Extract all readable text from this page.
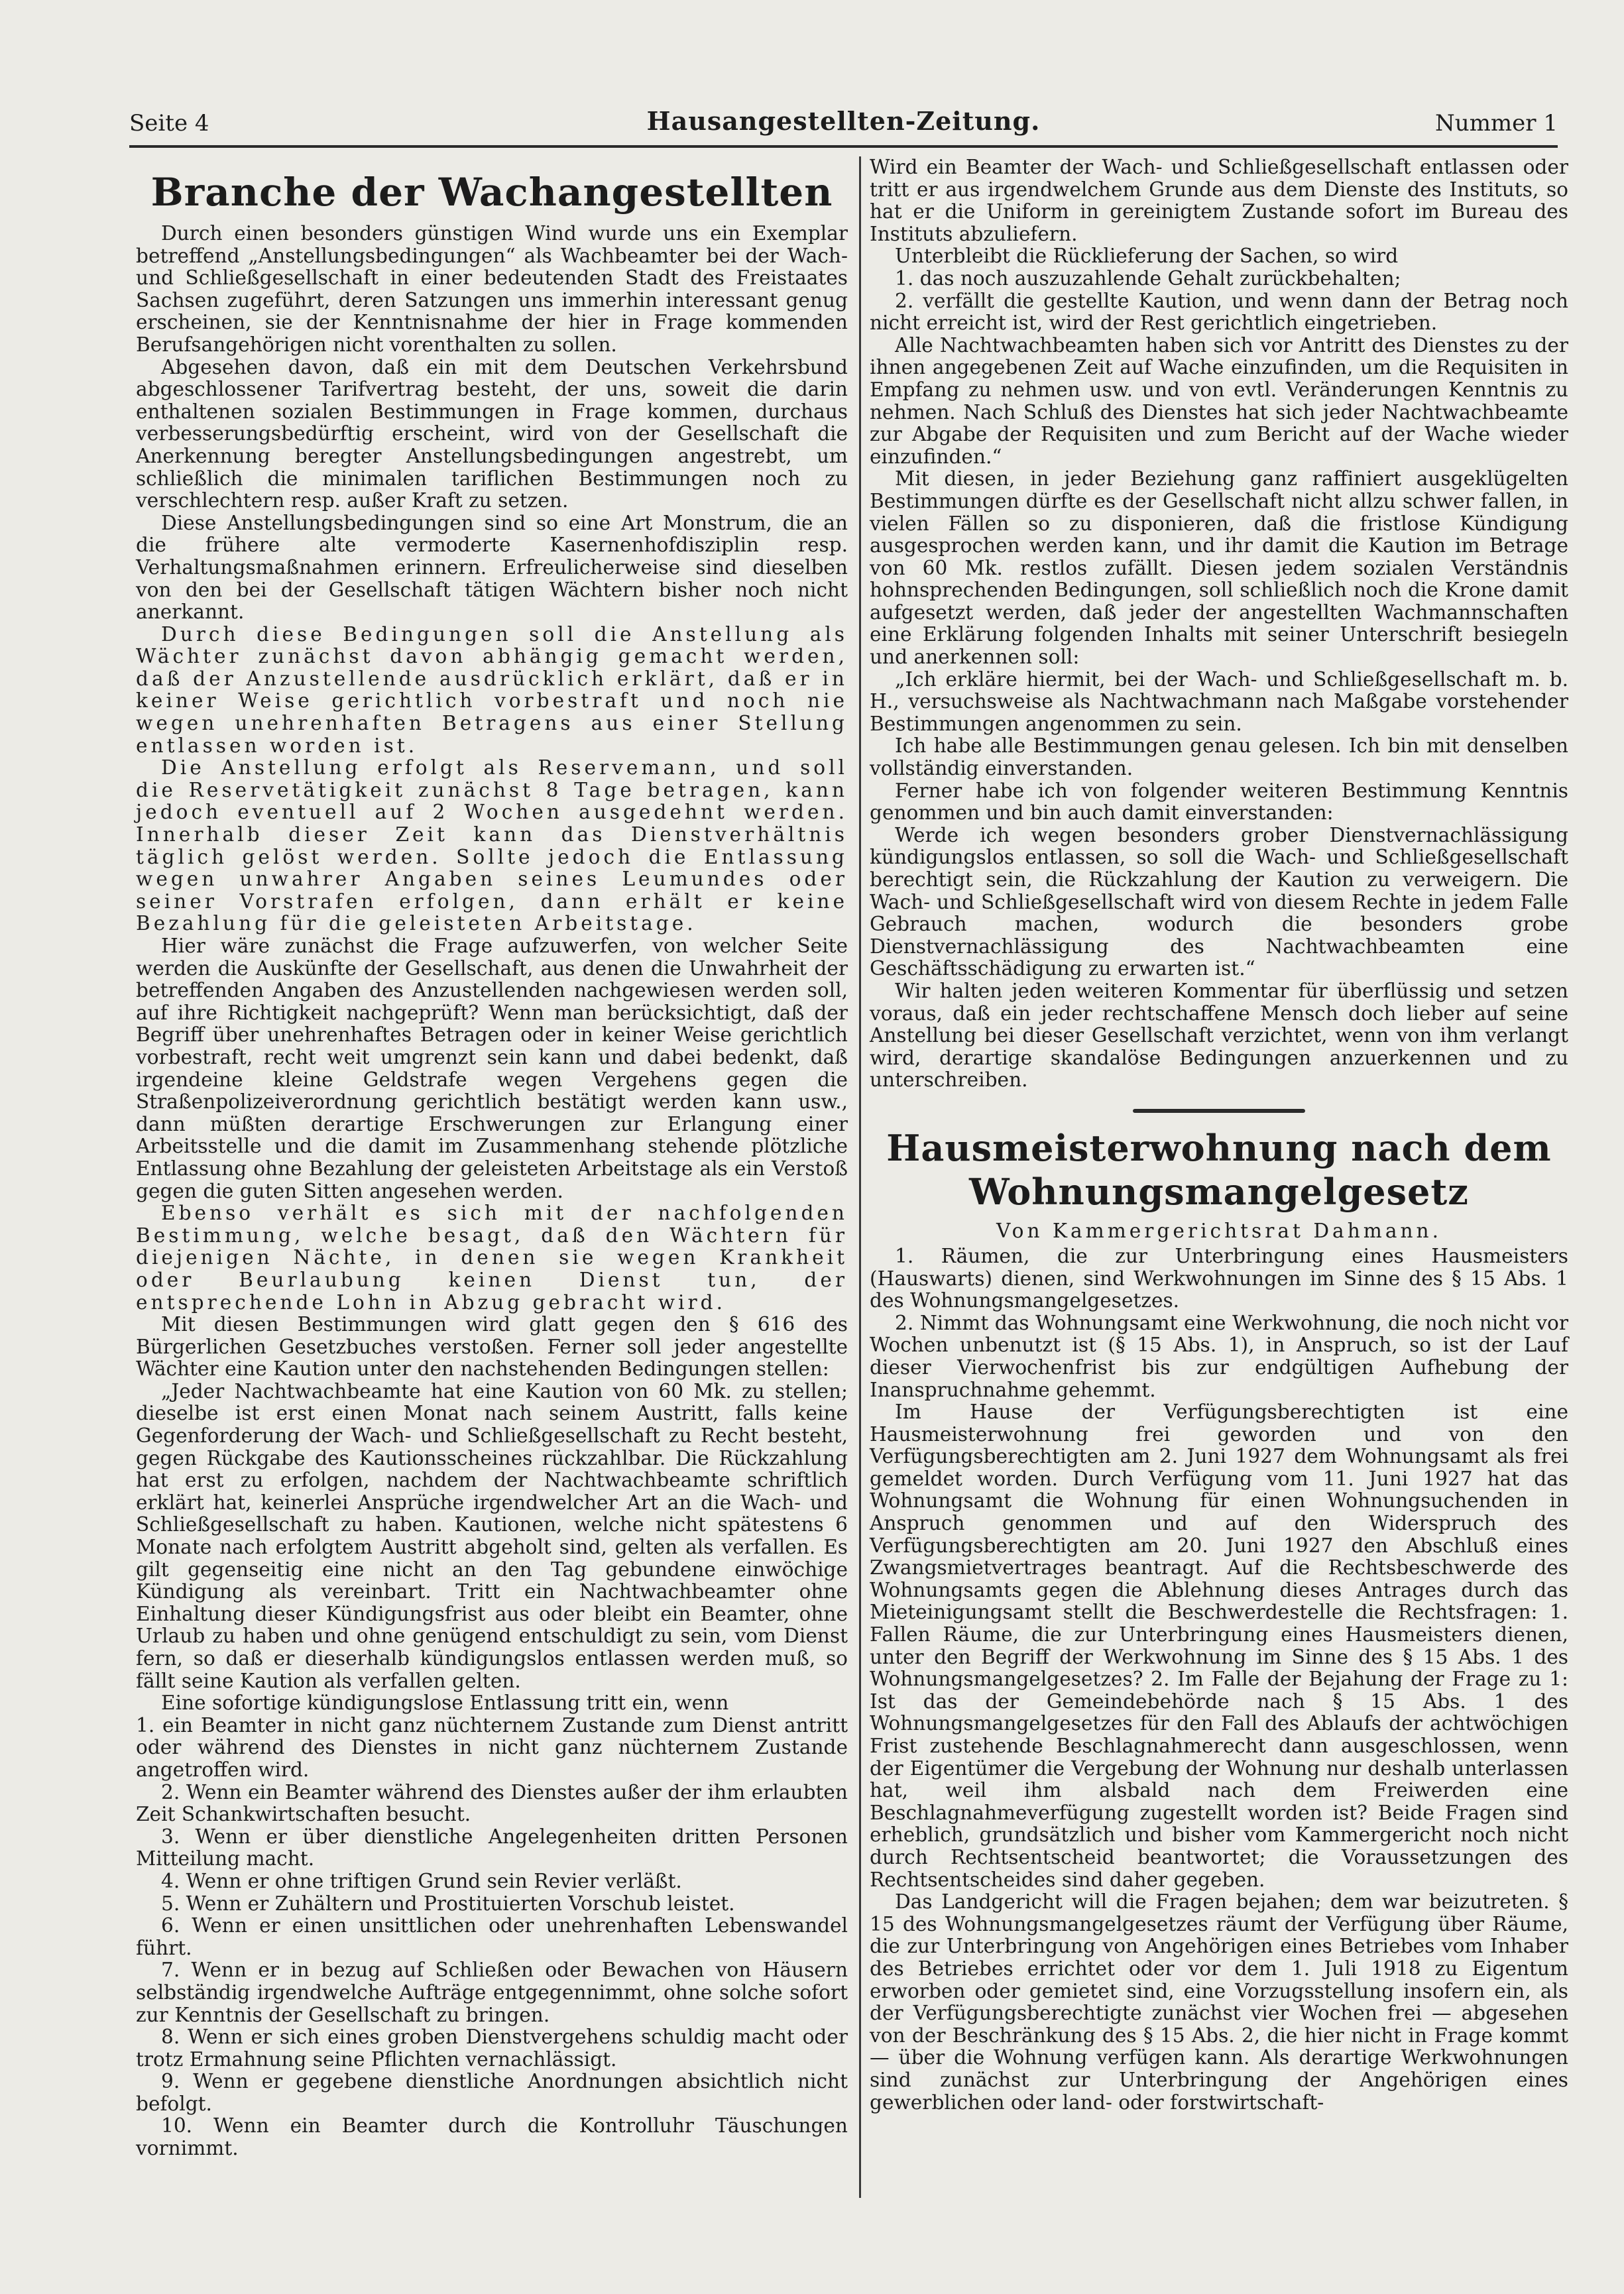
Seite 4	Hausangestellten-Zeitung.	Nummer 1
Branche der Wachangestellten

Durch einen besonders günstigen Wind wurde uns ein Exemplar betreffend „Anstellungsbedingungen“ als Wachbeamter bei der Wach- und Schließgesellschaft in einer bedeutenden Stadt des Freistaates Sachsen zugeführt, deren Satzungen uns immerhin interessant genug erscheinen, sie der Kenntnisnahme der hier in Frage kommenden Berufsangehörigen nicht vorenthalten zu sollen.

Abgesehen davon, daß ein mit dem Deutschen Verkehrsbund abgeschlossener Tarifvertrag besteht, der uns, soweit die darin enthaltenen sozialen Bestimmungen in Frage kommen, durchaus verbesserungsbedürftig erscheint, wird von der Gesellschaft die Anerkennung beregter Anstellungsbedingungen angestrebt, um schließlich die minimalen tariflichen Bestimmungen noch zu verschlechtern resp. außer Kraft zu setzen.

Diese Anstellungsbedingungen sind so eine Art Monstrum, die an die frühere alte vermoderte Kasernenhofdisziplin resp. Verhaltungsmaßnahmen erinnern. Erfreulicherweise sind dieselben von den bei der Gesellschaft tätigen Wächtern bisher noch nicht anerkannt.

Durch diese Bedingungen soll die Anstellung als Wächter zunächst davon abhängig gemacht werden, daß der Anzustellende ausdrücklich erklärt, daß er in keiner Weise gerichtlich vorbestraft und noch nie wegen unehrenhaften Betragens aus einer Stellung entlassen worden ist.

Die Anstellung erfolgt als Reservemann, und soll die Reservetätigkeit zunächst 8 Tage betragen, kann jedoch eventuell auf 2 Wochen ausgedehnt werden. Innerhalb dieser Zeit kann das Dienstverhältnis täglich gelöst werden. Sollte jedoch die Entlassung wegen unwahrer Angaben seines Leumundes oder seiner Vorstrafen erfolgen, dann erhält er keine Bezahlung für die geleisteten Arbeitstage.

Hier wäre zunächst die Frage aufzuwerfen, von welcher Seite werden die Auskünfte der Gesellschaft, aus denen die Unwahrheit der betreffenden Angaben des Anzustellenden nachgewiesen werden soll, auf ihre Richtigkeit nachgeprüft? Wenn man berücksichtigt, daß der Begriff über unehrenhaftes Betragen oder in keiner Weise gerichtlich vorbestraft, recht weit umgrenzt sein kann und dabei bedenkt, daß irgendeine kleine Geldstrafe wegen Vergehens gegen die Straßenpolizeiverordnung gerichtlich bestätigt werden kann usw., dann müßten derartige Erschwerungen zur Erlangung einer Arbeitsstelle und die damit im Zusammenhang stehende plötzliche Entlassung ohne Bezahlung der geleisteten Arbeitstage als ein Verstoß gegen die guten Sitten angesehen werden.

Ebenso verhält es sich mit der nachfolgenden Bestimmung, welche besagt, daß den Wächtern für diejenigen Nächte, in denen sie wegen Krankheit oder Beurlaubung keinen Dienst tun, der entsprechende Lohn in Abzug gebracht wird.

Mit diesen Bestimmungen wird glatt gegen den § 616 des Bürgerlichen Gesetzbuches verstoßen. Ferner soll jeder angestellte Wächter eine Kaution unter den nachstehenden Bedingungen stellen:

„Jeder Nachtwachbeamte hat eine Kaution von 60 Mk. zu stellen; dieselbe ist erst einen Monat nach seinem Austritt, falls keine Gegenforderung der Wach- und Schließgesellschaft zu Recht besteht, gegen Rückgabe des Kautionsscheines rückzahlbar. Die Rückzahlung hat erst zu erfolgen, nachdem der Nachtwachbeamte schriftlich erklärt hat, keinerlei Ansprüche irgendwelcher Art an die Wach- und Schließgesellschaft zu haben. Kautionen, welche nicht spätestens 6 Monate nach erfolgtem Austritt abgeholt sind, gelten als verfallen. Es gilt gegenseitig eine nicht an den Tag gebundene einwöchige Kündigung als vereinbart. Tritt ein Nachtwachbeamter ohne Einhaltung dieser Kündigungsfrist aus oder bleibt ein Beamter, ohne Urlaub zu haben und ohne genügend entschuldigt zu sein, vom Dienst fern, so daß er dieserhalb kündigungslos entlassen werden muß, so fällt seine Kaution als verfallen gelten.

Eine sofortige kündigungslose Entlassung tritt ein, wenn

1. ein Beamter in nicht ganz nüchternem Zustande zum Dienst antritt oder während des Dienstes in nicht ganz nüchternem Zustande angetroffen wird.

2. Wenn ein Beamter während des Dienstes außer der ihm erlaubten Zeit Schankwirtschaften besucht.

3. Wenn er über dienstliche Angelegenheiten dritten Personen Mitteilung macht.

4. Wenn er ohne triftigen Grund sein Revier verläßt.

5. Wenn er Zuhältern und Prostituierten Vorschub leistet.

6. Wenn er einen unsittlichen oder unehrenhaften Lebenswandel führt.

7. Wenn er in bezug auf Schließen oder Bewachen von Häusern selbständig irgendwelche Aufträge entgegennimmt, ohne solche sofort zur Kenntnis der Gesellschaft zu bringen.

8. Wenn er sich eines groben Dienstvergehens schuldig macht oder trotz Ermahnung seine Pflichten vernachlässigt.

9. Wenn er gegebene dienstliche Anordnungen absichtlich nicht befolgt.

10. Wenn ein Beamter durch die Kontrolluhr Täuschungen vornimmt.

Wird ein Beamter der Wach- und Schließgesellschaft entlassen oder tritt er aus irgendwelchem Grunde aus dem Dienste des Instituts, so hat er die Uniform in gereinigtem Zustande sofort im Bureau des Instituts abzuliefern.

Unterbleibt die Rücklieferung der Sachen, so wird

1. das noch auszuzahlende Gehalt zurückbehalten;

2. verfällt die gestellte Kaution, und wenn dann der Betrag noch nicht erreicht ist, wird der Rest gerichtlich eingetrieben.

Alle Nachtwachbeamten haben sich vor Antritt des Dienstes zu der ihnen angegebenen Zeit auf Wache einzufinden, um die Requisiten in Empfang zu nehmen usw. und von evtl. Veränderungen Kenntnis zu nehmen. Nach Schluß des Dienstes hat sich jeder Nachtwachbeamte zur Abgabe der Requisiten und zum Bericht auf der Wache wieder einzufinden.“

Mit diesen, in jeder Beziehung ganz raffiniert ausgeklügelten Bestimmungen dürfte es der Gesellschaft nicht allzu schwer fallen, in vielen Fällen so zu disponieren, daß die fristlose Kündigung ausgesprochen werden kann, und ihr damit die Kaution im Betrage von 60 Mk. restlos zufällt. Diesen jedem sozialen Verständnis hohnsprechenden Bedingungen, soll schließlich noch die Krone damit aufgesetzt werden, daß jeder der angestellten Wachmannschaften eine Erklärung folgenden Inhalts mit seiner Unterschrift besiegeln und anerkennen soll:

„Ich erkläre hiermit, bei der Wach- und Schließgesellschaft m. b. H., versuchsweise als Nachtwachmann nach Maßgabe vorstehender Bestimmungen angenommen zu sein.

Ich habe alle Bestimmungen genau gelesen. Ich bin mit denselben vollständig einverstanden.

Ferner habe ich von folgender weiteren Bestimmung Kenntnis genommen und bin auch damit einverstanden:

Werde ich wegen besonders grober Dienstvernachlässigung kündigungslos entlassen, so soll die Wach- und Schließgesellschaft berechtigt sein, die Rückzahlung der Kaution zu verweigern. Die Wach- und Schließgesellschaft wird von diesem Rechte in jedem Falle Gebrauch machen, wodurch die besonders grobe Dienstvernachlässigung des Nachtwachbeamten eine Geschäftsschädigung zu erwarten ist.“

Wir halten jeden weiteren Kommentar für überflüssig und setzen voraus, daß ein jeder rechtschaffene Mensch doch lieber auf seine Anstellung bei dieser Gesellschaft verzichtet, wenn von ihm verlangt wird, derartige skandalöse Bedingungen anzuerkennen und zu unterschreiben.

Hausmeisterwohnung nach dem Wohnungsmangelgesetz
Von Kammergerichtsrat Dahmann.

1. Räumen, die zur Unterbringung eines Hausmeisters (Hauswarts) dienen, sind Werkwohnungen im Sinne des § 15 Abs. 1 des Wohnungsmangelgesetzes.

2. Nimmt das Wohnungsamt eine Werkwohnung, die noch nicht vor Wochen unbenutzt ist (§ 15 Abs. 1), in Anspruch, so ist der Lauf dieser Vierwochenfrist bis zur endgültigen Aufhebung der Inanspruchnahme gehemmt.

Im Hause der Verfügungsberechtigten ist eine Hausmeisterwohnung frei geworden und von den Verfügungsberechtigten am 2. Juni 1927 dem Wohnungsamt als frei gemeldet worden. Durch Verfügung vom 11. Juni 1927 hat das Wohnungsamt die Wohnung für einen Wohnungsuchenden in Anspruch genommen und auf den Widerspruch des Verfügungsberechtigten am 20. Juni 1927 den Abschluß eines Zwangsmietvertrages beantragt. Auf die Rechtsbeschwerde des Wohnungsamts gegen die Ablehnung dieses Antrages durch das Mieteinigungsamt stellt die Beschwerdestelle die Rechtsfragen: 1. Fallen Räume, die zur Unterbringung eines Hausmeisters dienen, unter den Begriff der Werkwohnung im Sinne des § 15 Abs. 1 des Wohnungsmangelgesetzes? 2. Im Falle der Bejahung der Frage zu 1: Ist das der Gemeindebehörde nach § 15 Abs. 1 des Wohnungsmangelgesetzes für den Fall des Ablaufs der achtwöchigen Frist zustehende Beschlagnahmerecht dann ausgeschlossen, wenn der Eigentümer die Vergebung der Wohnung nur deshalb unterlassen hat, weil ihm alsbald nach dem Freiwerden eine Beschlagnahmeverfügung zugestellt worden ist? Beide Fragen sind erheblich, grundsätzlich und bisher vom Kammergericht noch nicht durch Rechtsentscheid beantwortet; die Voraussetzungen des Rechtsentscheides sind daher gegeben.

Das Landgericht will die Fragen bejahen; dem war beizutreten. § 15 des Wohnungsmangelgesetzes räumt der Verfügung über Räume, die zur Unterbringung von Angehörigen eines Betriebes vom Inhaber des Betriebes errichtet oder vor dem 1. Juli 1918 zu Eigentum erworben oder gemietet sind, eine Vorzugsstellung insofern ein, als der Verfügungsberechtigte zunächst vier Wochen frei — abgesehen von der Beschränkung des § 15 Abs. 2, die hier nicht in Frage kommt — über die Wohnung verfügen kann. Als derartige Werkwohnungen sind zunächst zur Unterbringung der Angehörigen eines gewerblichen oder land- oder forstwirtschaft-
